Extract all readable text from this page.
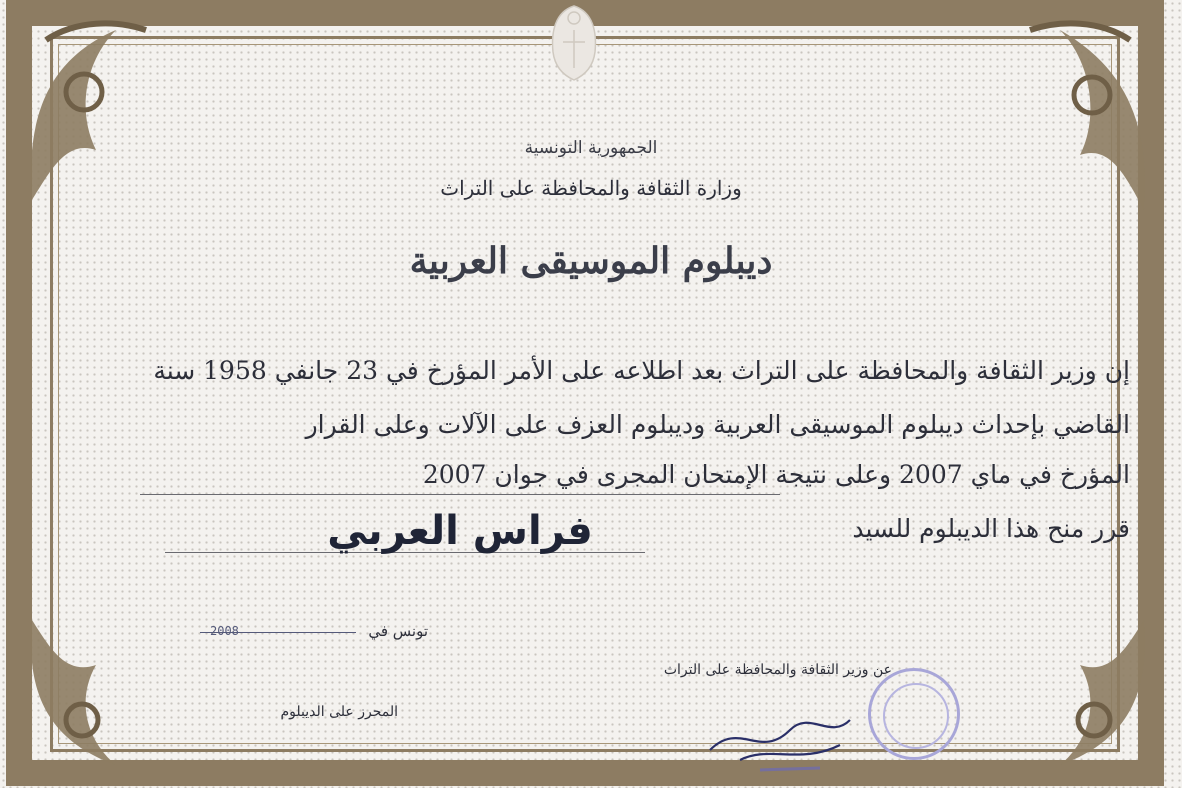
الجمهورية التونسية
وزارة الثقافة والمحافظة على التراث
ديبلوم الموسيقى العربية
إن وزير الثقافة والمحافظة على التراث بعد اطلاعه على الأمر المؤرخ في 23 جانفي 1958 سنة
القاضي بإحداث ديبلوم الموسيقى العربية وديبلوم العزف على الآلات وعلى القرار
المؤرخ في ماي 2007 وعلى نتيجة الإمتحان المجرى في جوان 2007
قرر منح هذا الديبلوم للسيد
فراس العربي
تونس في
2008
عن وزير الثقافة والمحافظة على التراث
المحرز على الديبلوم
